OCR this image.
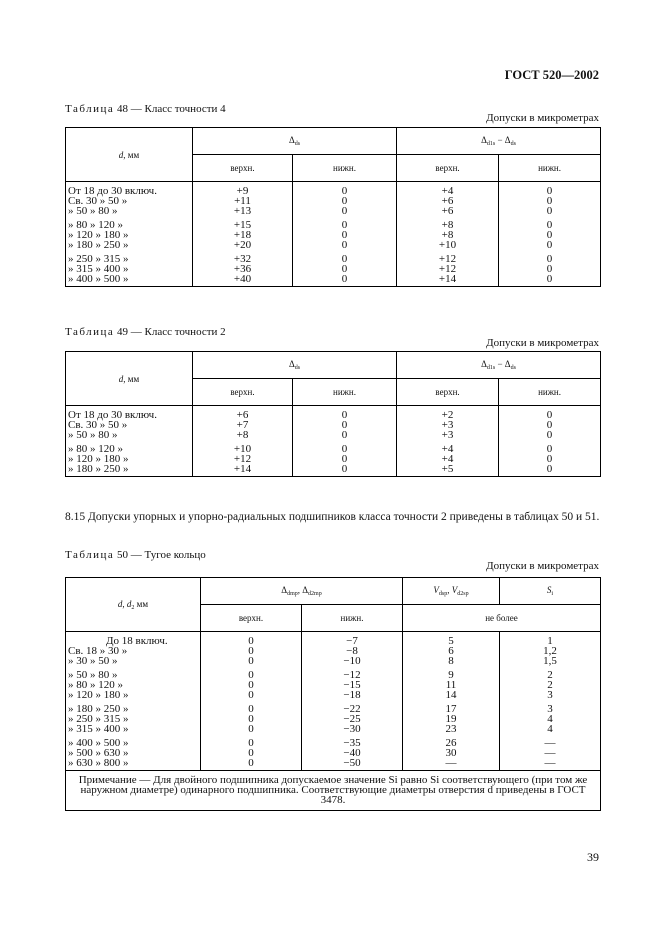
ГОСТ 520—2002
Таблица 48 — Класс точности 4
Допуски в микрометрах
d, мм	$\Delta_{ds}$		$\Delta_{d1s} - \Delta_{ds}$
	верхн.	нижн.	верхн.	нижн.
От 18 до 30 включ.	+9	0	+4	0
Св. 30 » 50 »	+11	0	+6	0
» 50 » 80 »	+13	0	+6	0
» 80 » 120 »	+15	0	+8	0
» 120 » 180 »	+18	0	+8	0
» 180 » 250 »	+20	0	+10	0
» 250 » 315 »	+32	0	+12	0
» 315 » 400 »	+36	0	+12	0
» 400 » 500 »	+40	0	+14	0
Таблица 49 — Класс точности 2
Допуски в микрометрах
d, мм	$\Delta_{ds}$		$\Delta_{d1s} - \Delta_{ds}$
	верхн.	нижн.	верхн.	нижн.
От 18 до 30 включ.	+6	0	+2	0
Св. 30 » 50 »	+7	0	+3	0
» 50 » 80 »	+8	0	+3	0
» 80 » 120 »	+10	0	+4	0
» 120 » 180 »	+12	0	+4	0
» 180 » 250 »	+14	0	+5	0
8.15 Допуски упорных и упорно-радиальных подшипников класса точности 2 приведены в таблицах 50 и 51.
Таблица 50 — Тугое кольцо
Допуски в микрометрах
d, $d_2$ мм	$\Delta_{dmp}$, $\Delta_{d2mp}$		$V_{dsp}$, $V_{d2sp}$	$S_i$
	верхн.	нижн.	не более	
До 18 включ.	0	−7	5	1
Св. 18 » 30 »	0	−8	6	1,2
» 30 » 50 »	0	−10	8	1,5
» 50 » 80 »	0	−12	9	2
» 80 » 120 »	0	−15	11	2
» 120 » 180 »	0	−18	14	3
» 180 » 250 »	0	−22	17	3
» 250 » 315 »	0	−25	19	4
» 315 » 400 »	0	−30	23	4
» 400 » 500 »	0	−35	26	—
» 500 » 630 »	0	−40	30	—
» 630 » 800 »	0	−50	—	—
Примечание — Для двойного подшипника допускаемое значение Si равно Si соответствующего (при том же наружном диаметре) одинарного подшипника. Соответствующие диаметры отверстия d приведены в ГОСТ 3478.				
39
